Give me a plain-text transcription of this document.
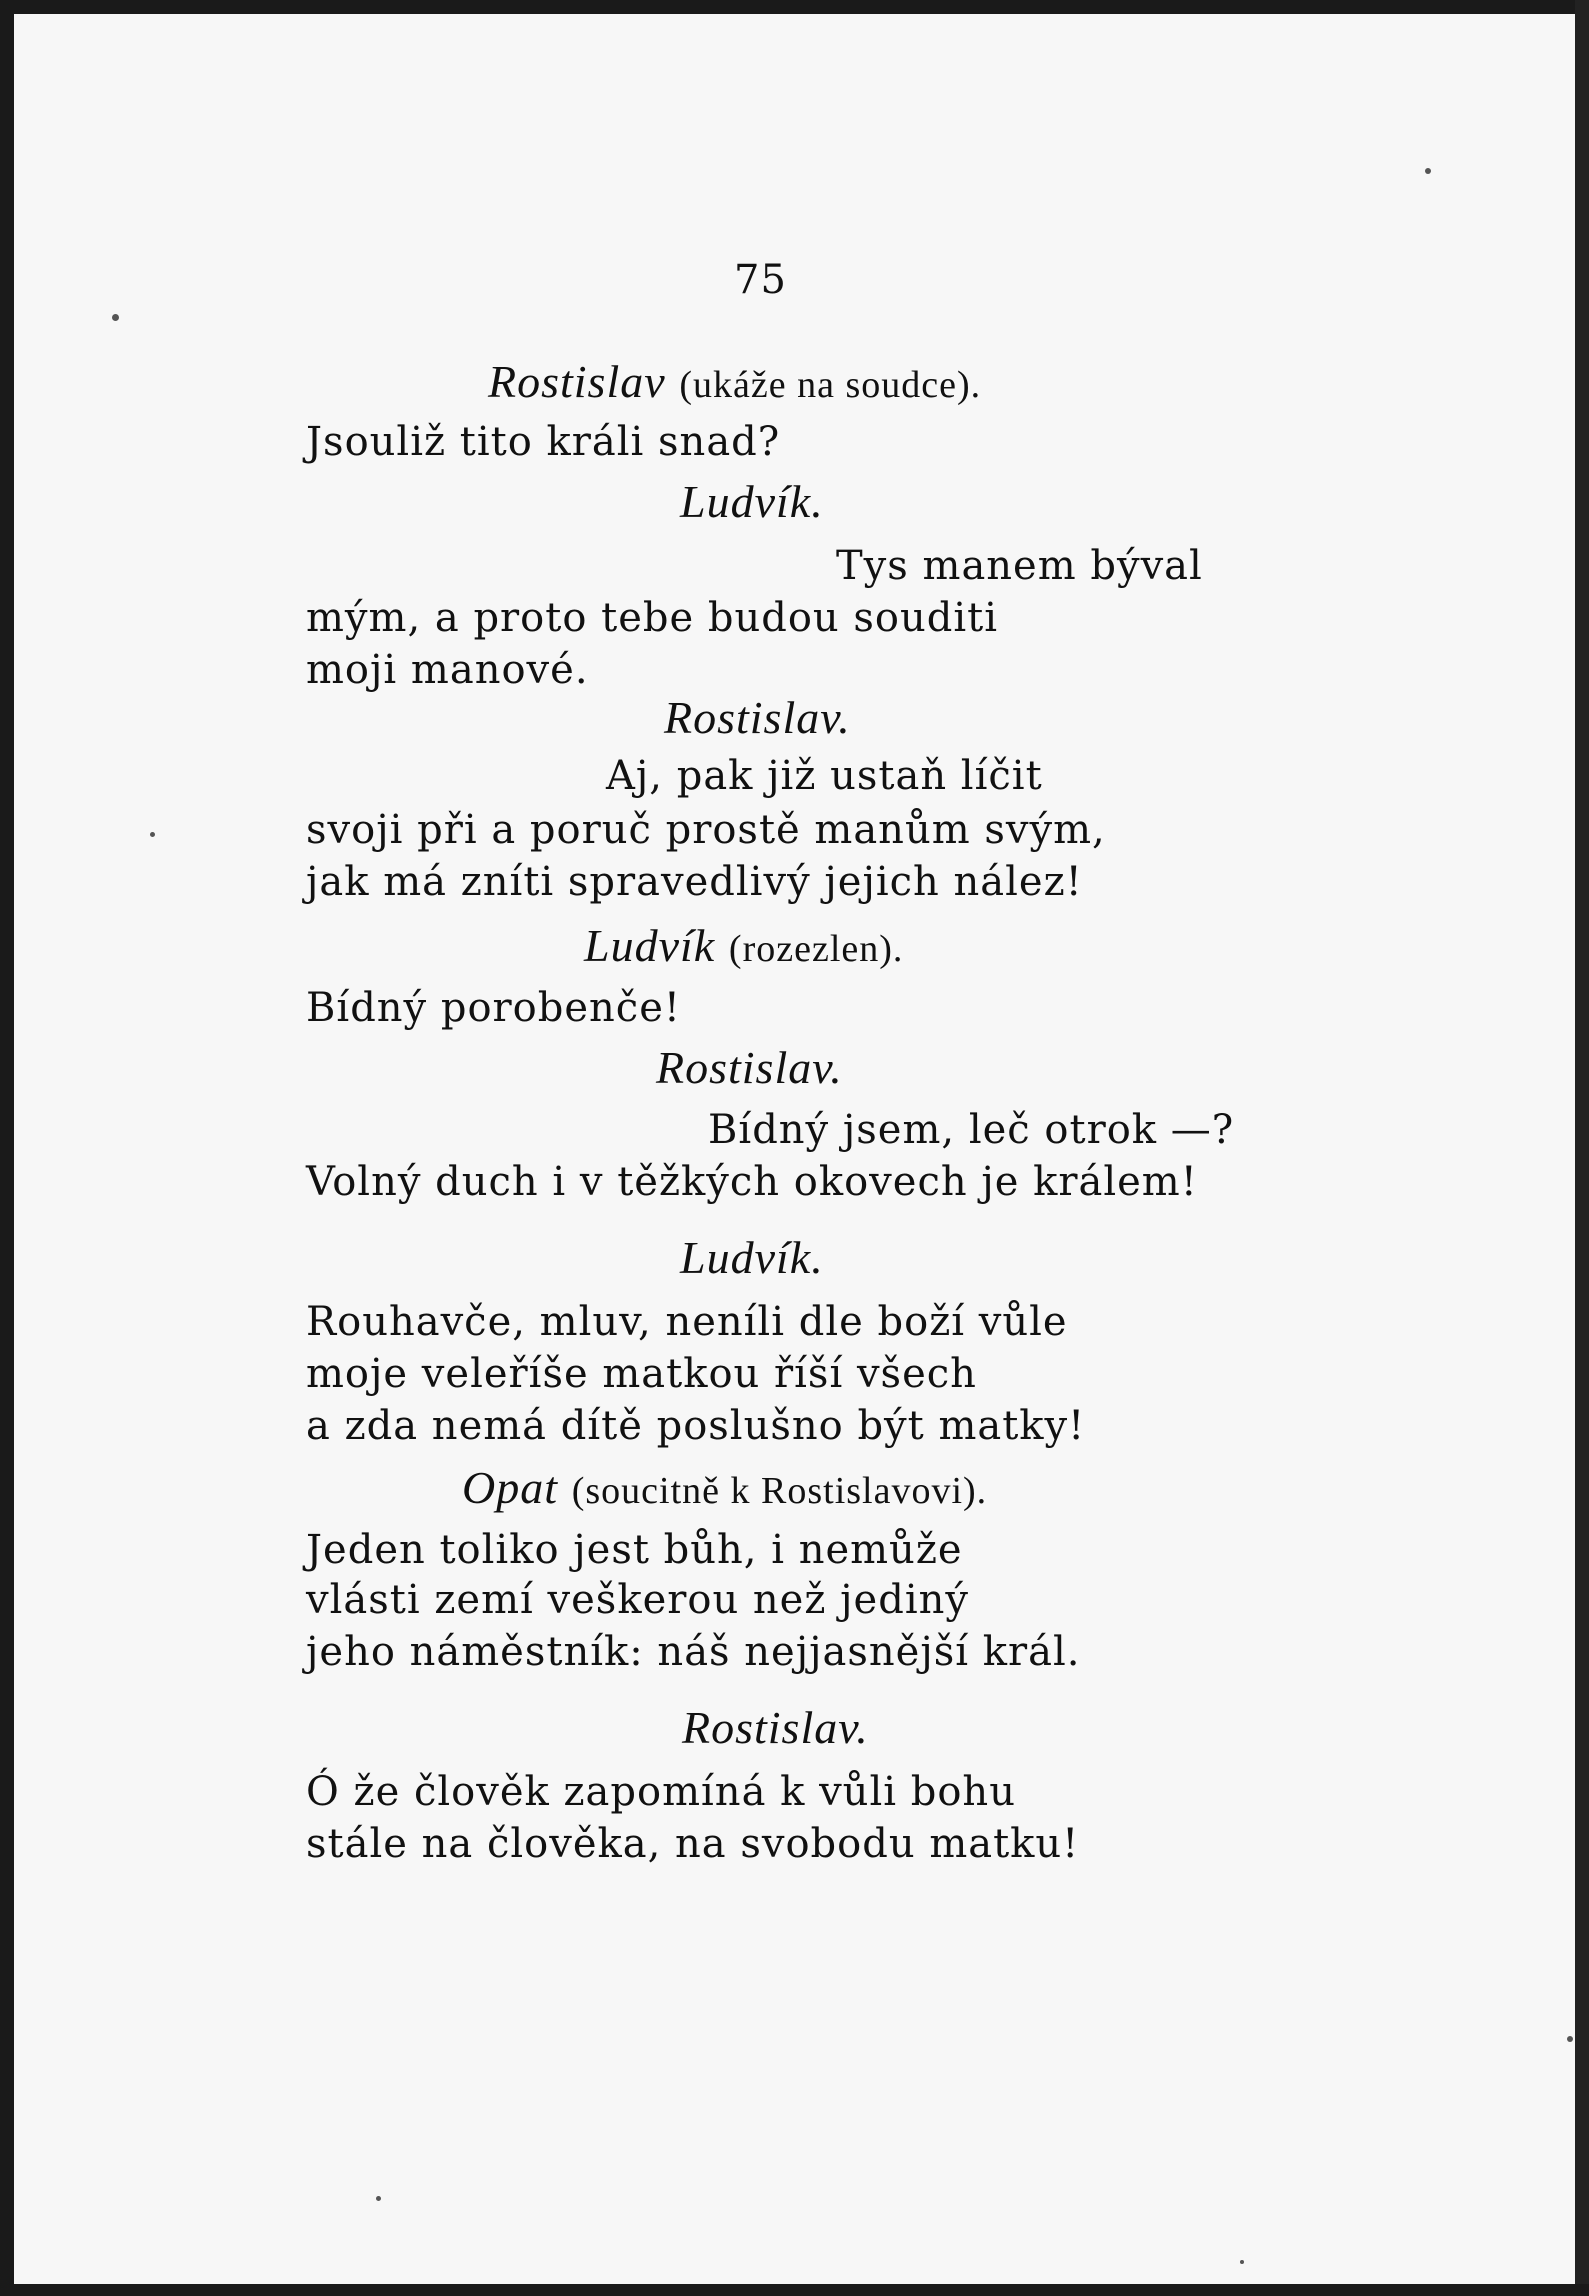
75
Rostislav (ukáže na soudce).
Jsouliž tito králi snad?
Ludvík.
Tys manem býval
mým, a proto tebe budou souditi
moji manové.
Rostislav.
Aj, pak již ustaň líčit
svoji při a poruč prostě manům svým,
jak má zníti spravedlivý jejich nález!
Ludvík (rozezlen).
Bídný porobenče!
Rostislav.
Bídný jsem, leč otrok —?
Volný duch i v těžkých okovech je králem!
Ludvík.
Rouhavče, mluv, neníli dle boží vůle
moje veleříše matkou říší všech
a zda nemá dítě poslušno být matky!
Opat (soucitně k Rostislavovi).
Jeden toliko jest bůh, i nemůže
vlásti zemí veškerou než jediný
jeho náměstník: náš nejjasnější král.
Rostislav.
Ó že člověk zapomíná k vůli bohu
stále na člověka, na svobodu matku!
